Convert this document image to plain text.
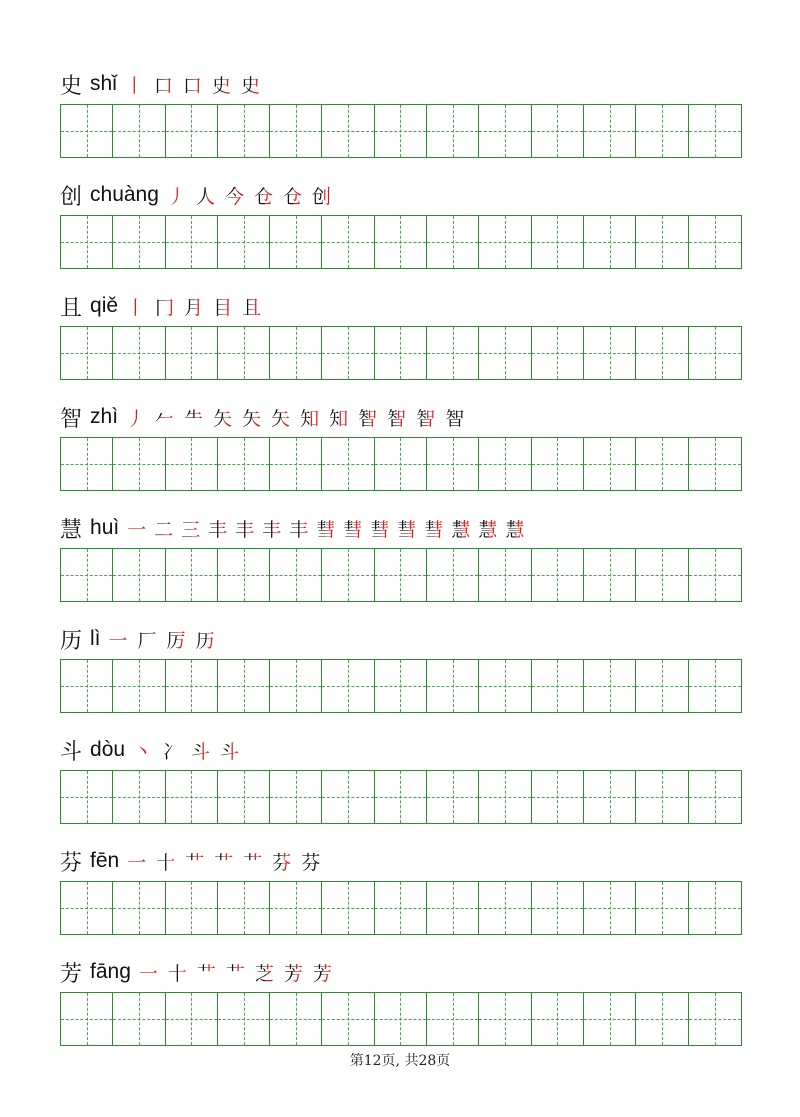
史 shǐ 丨 口 口 史 史
创 chuàng 丿 人 今 仓 仓 创
且 qiě 丨 冂 月 目 且
智 zhì 丿 𠂉 ⺧ 矢 矢 矢 知 知 智 智 智 智
慧 huì 一 二 三 丰 丰 丰 丰 彗 彗 彗 彗 彗 慧 慧 慧
历 lì 一 厂 厉 历
斗 dòu 丶 冫 斗 斗
芬 fēn 一 十 艹 艹 艹 芬 芬
芳 fāng 一 十 艹 艹 芝 芳 芳
第12页, 共28页
